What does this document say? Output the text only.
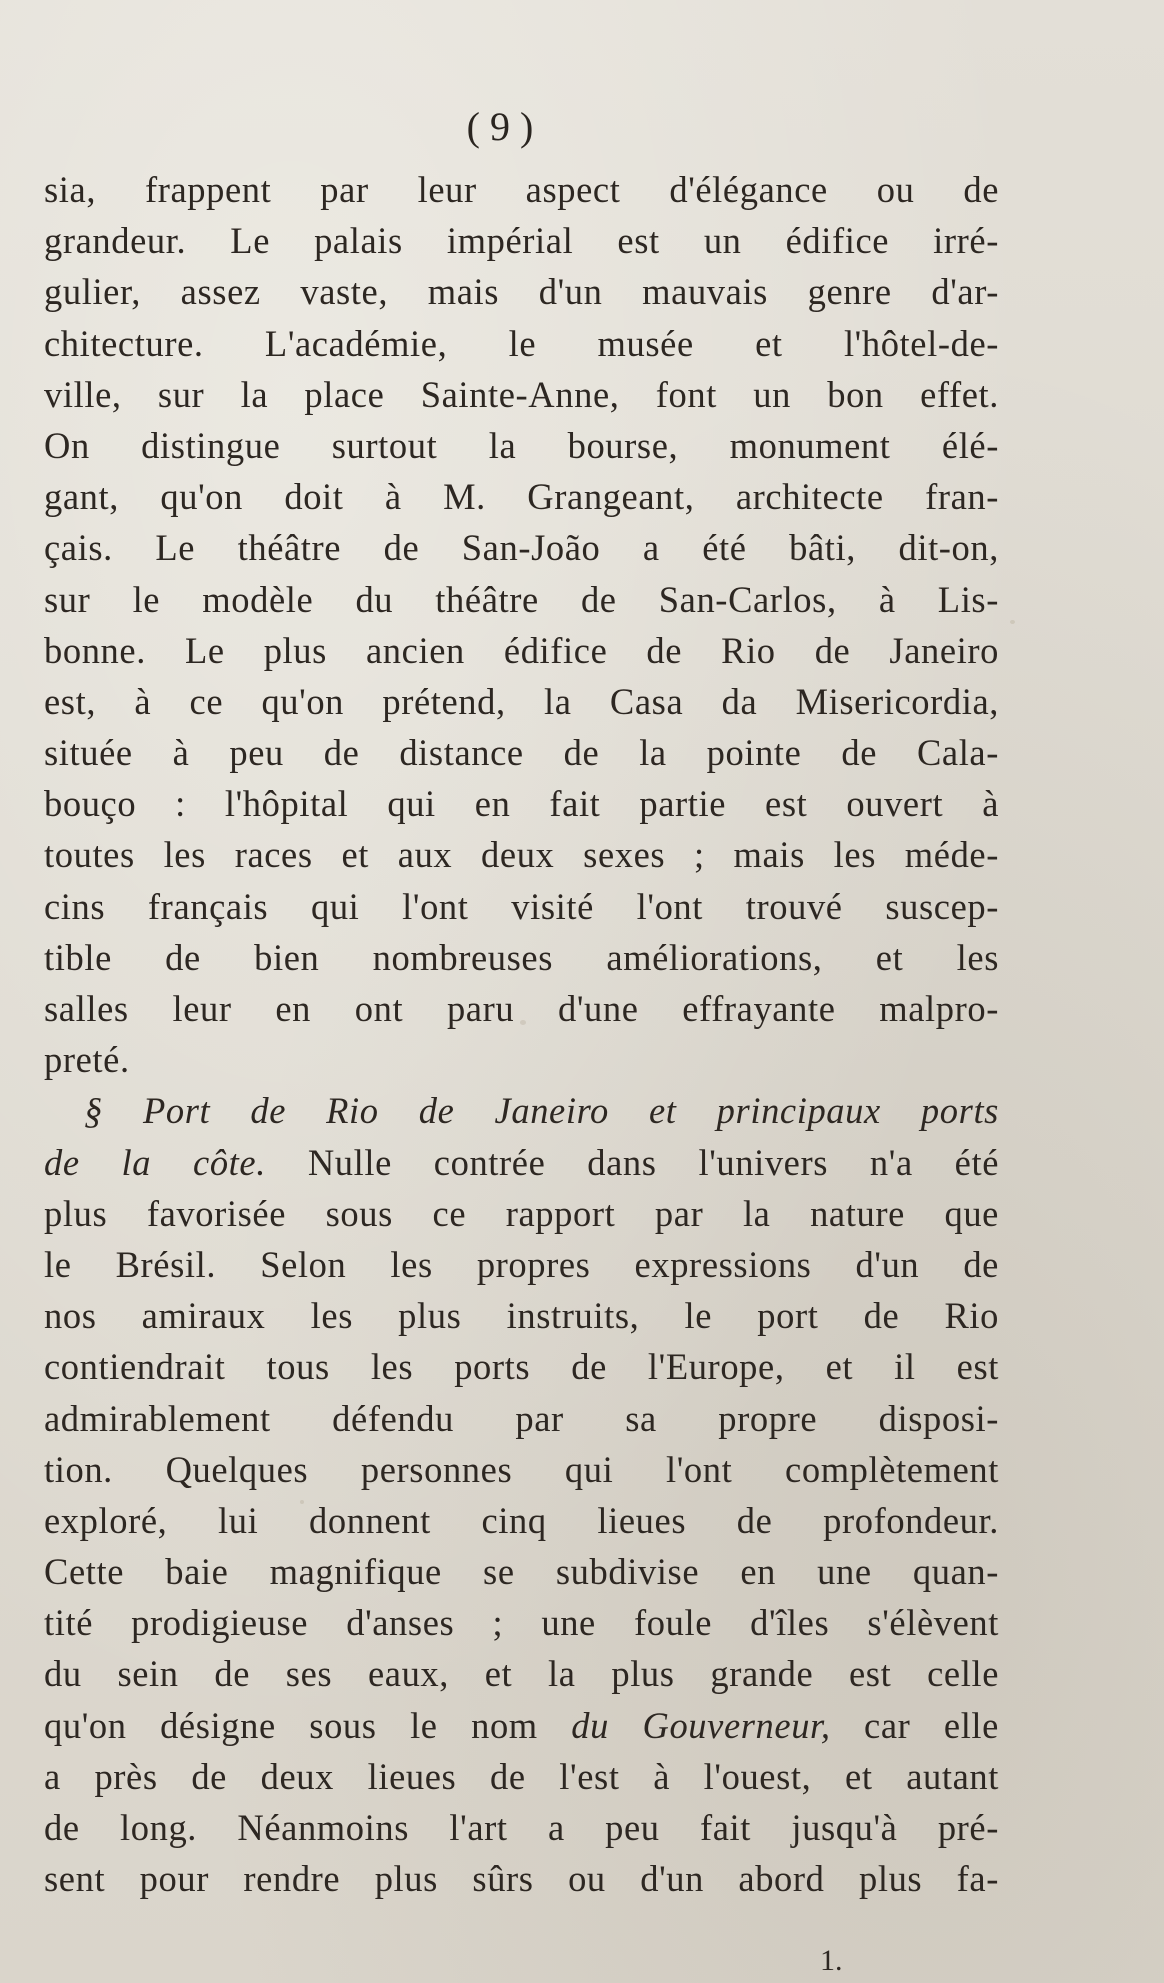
( 9 )
sia, frappent par leur aspect d'élégance ou de
grandeur. Le palais impérial est un édifice irré-
gulier, assez vaste, mais d'un mauvais genre d'ar-
chitecture. L'académie, le musée et l'hôtel-de-
ville, sur la place Sainte-Anne, font un bon effet.
On distingue surtout la bourse, monument élé-
gant, qu'on doit à M. Grangeant, architecte fran-
çais. Le théâtre de San-João a été bâti, dit-on,
sur le modèle du théâtre de San-Carlos, à Lis-
bonne. Le plus ancien édifice de Rio de Janeiro
est, à ce qu'on prétend, la Casa da Misericordia,
située à peu de distance de la pointe de Cala-
bouço : l'hôpital qui en fait partie est ouvert à
toutes les races et aux deux sexes ; mais les méde-
cins français qui l'ont visité l'ont trouvé suscep-
tible de bien nombreuses améliorations, et les
salles leur en ont paru d'une effrayante malpro-
preté.
§ Port de Rio de Janeiro et principaux ports
de la côte. Nulle contrée dans l'univers n'a été
plus favorisée sous ce rapport par la nature que
le Brésil. Selon les propres expressions d'un de
nos amiraux les plus instruits, le port de Rio
contiendrait tous les ports de l'Europe, et il est
admirablement défendu par sa propre disposi-
tion. Quelques personnes qui l'ont complètement
exploré, lui donnent cinq lieues de profondeur.
Cette baie magnifique se subdivise en une quan-
tité prodigieuse d'anses ; une foule d'îles s'élèvent
du sein de ses eaux, et la plus grande est celle
qu'on désigne sous le nom du Gouverneur, car elle
a près de deux lieues de l'est à l'ouest, et autant
de long. Néanmoins l'art a peu fait jusqu'à pré-
sent pour rendre plus sûrs ou d'un abord plus fa-
1.
